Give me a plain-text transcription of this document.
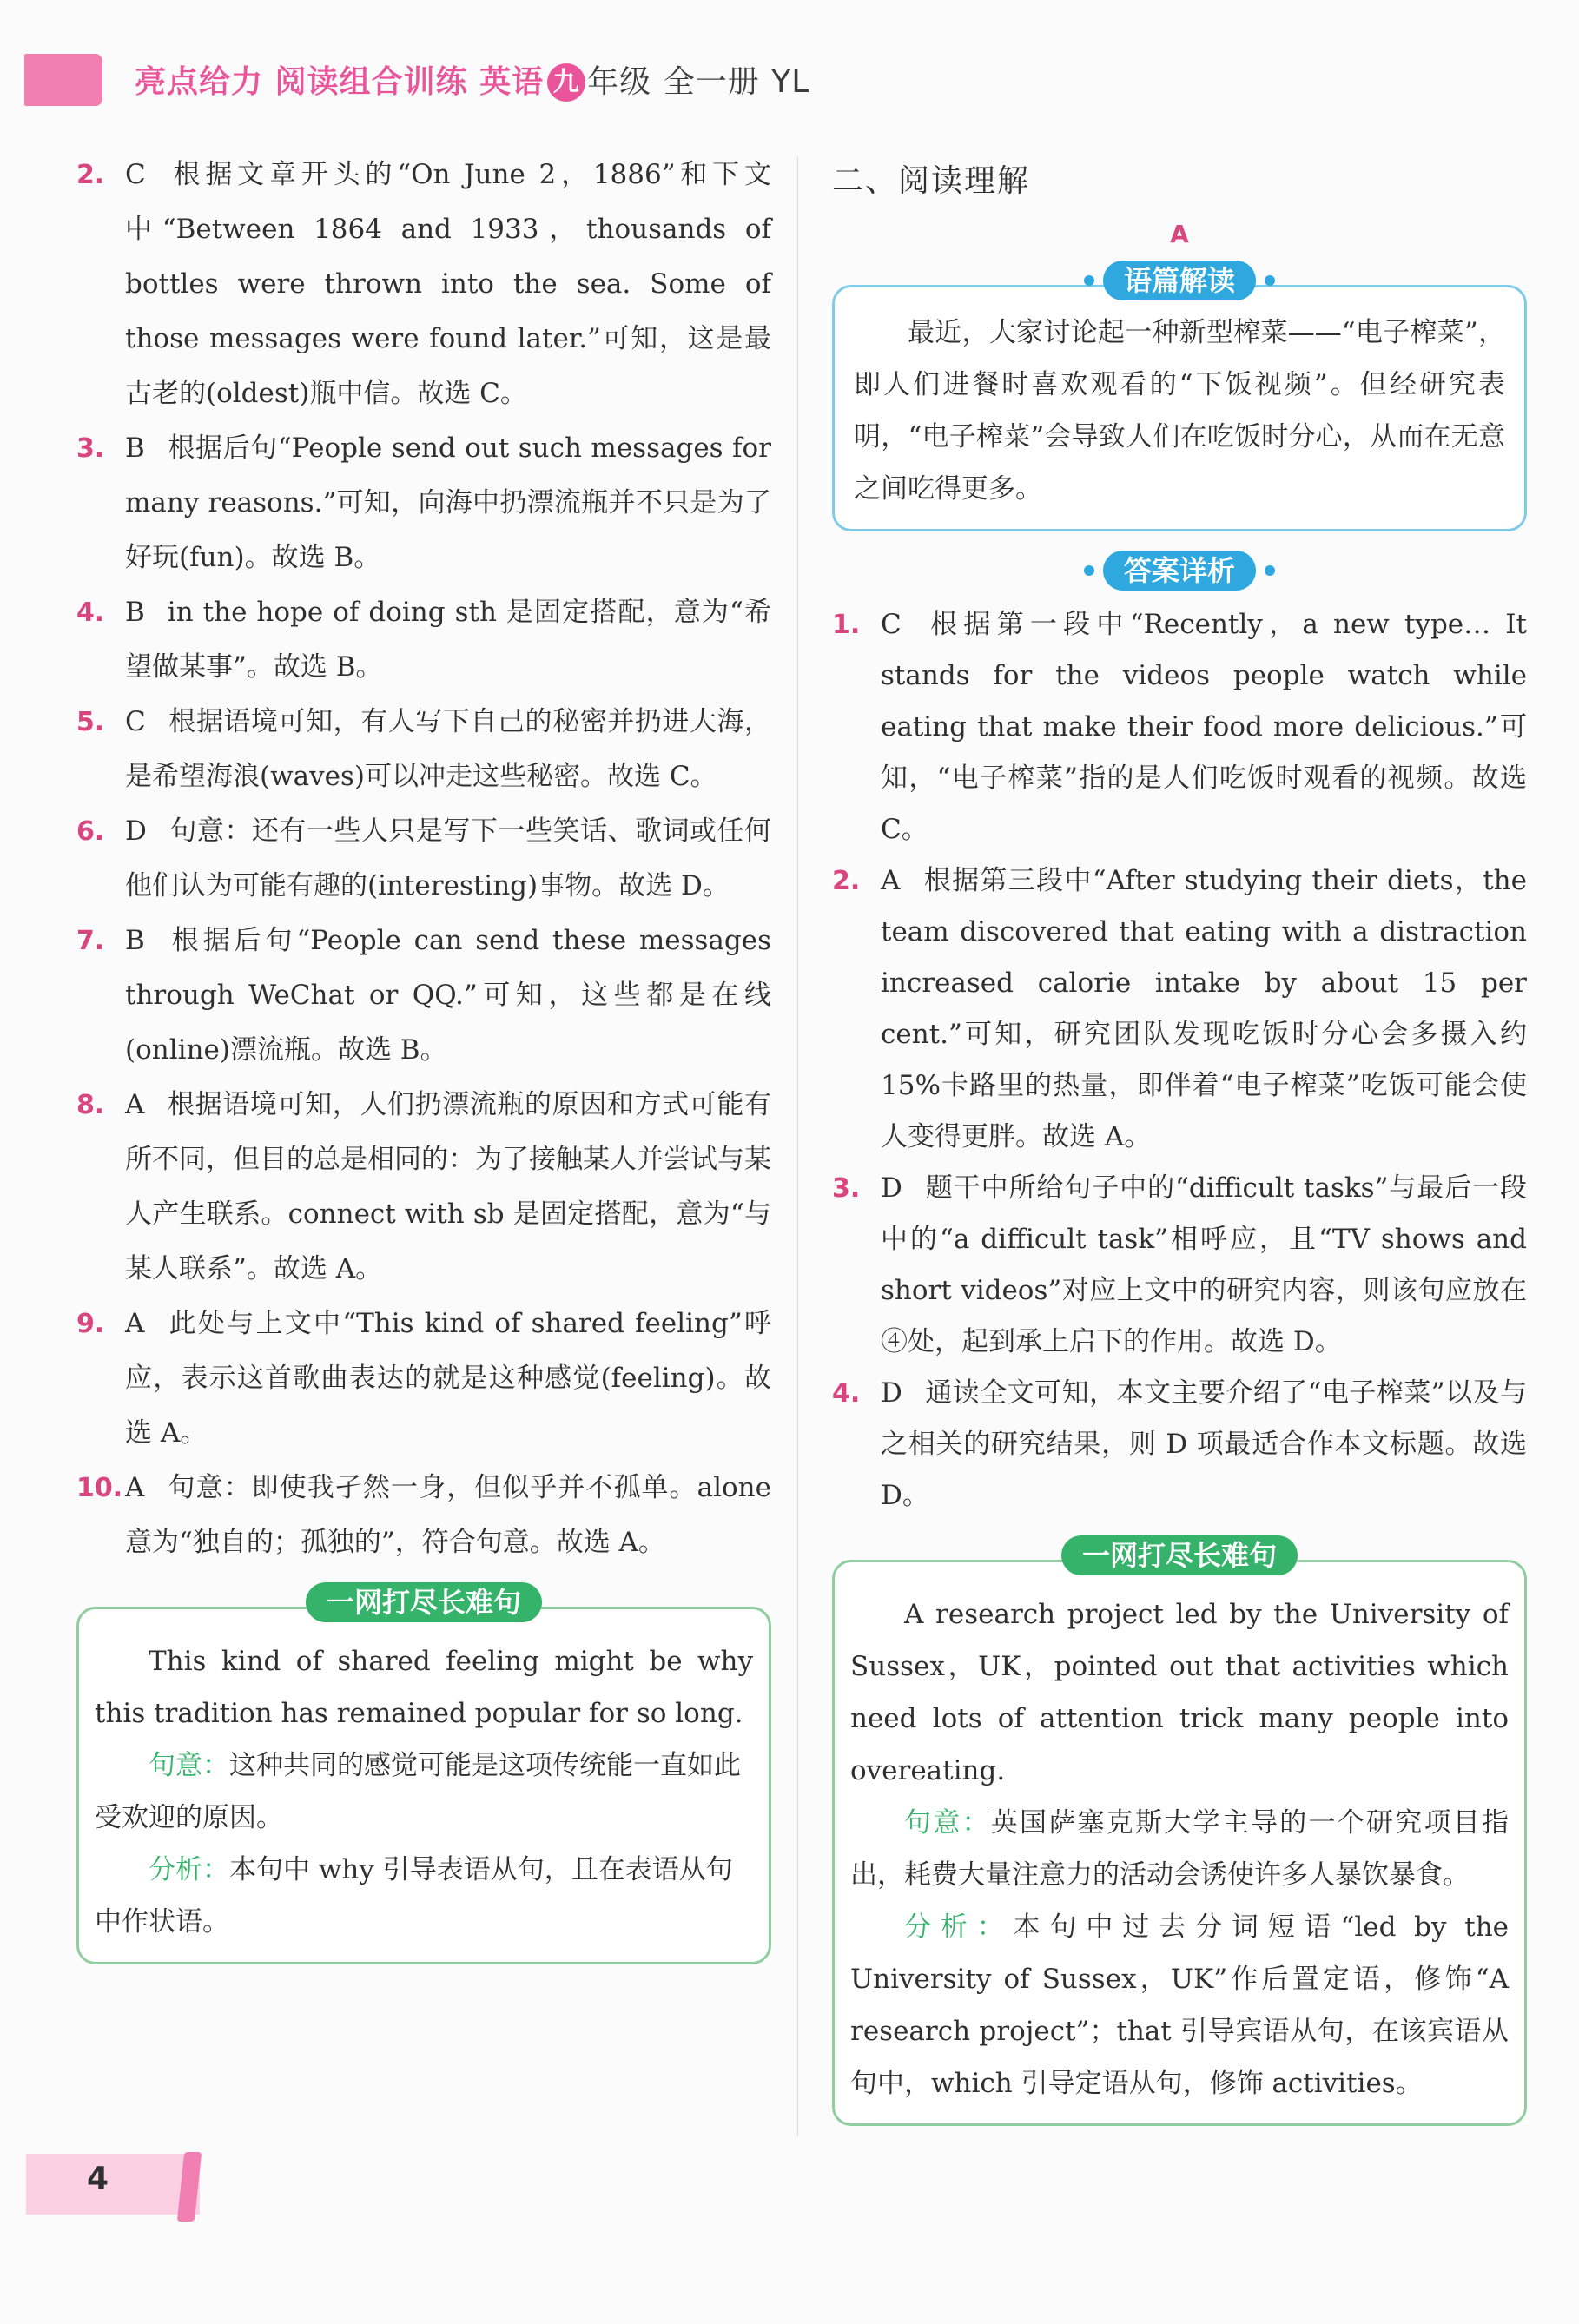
亮点给力 阅读组合训练 英语 九 年级 全一册 YL
2. C 根据文章开头的“On June 2，1886”和下文中“Between 1864 and 1933，thousands of bottles were thrown into the sea. Some of those messages were found later.”可知，这是最古老的(oldest)瓶中信。故选 C。
3. B 根据后句“People send out such messages for many reasons.”可知，向海中扔漂流瓶并不只是为了好玩(fun)。故选 B。
4. B in the hope of doing sth 是固定搭配，意为“希望做某事”。故选 B。
5. C 根据语境可知，有人写下自己的秘密并扔进大海，是希望海浪(waves)可以冲走这些秘密。故选 C。
6. D 句意：还有一些人只是写下一些笑话、歌词或任何他们认为可能有趣的(interesting)事物。故选 D。
7. B 根据后句“People can send these messages through WeChat or QQ.”可知，这些都是在线(online)漂流瓶。故选 B。
8. A 根据语境可知，人们扔漂流瓶的原因和方式可能有所不同，但目的总是相同的：为了接触某人并尝试与某人产生联系。connect with sb 是固定搭配，意为“与某人联系”。故选 A。
9. A 此处与上文中“This kind of shared feeling”呼应，表示这首歌曲表达的就是这种感觉(feeling)。故选 A。
10. A 句意：即使我孑然一身，但似乎并不孤单。alone 意为“独自的；孤独的”，符合句意。故选 A。
一网打尽长难句
This kind of shared feeling might be why this tradition has remained popular for so long.
句意：这种共同的感觉可能是这项传统能一直如此受欢迎的原因。
分析：本句中 why 引导表语从句，且在表语从句中作状语。
二、阅读理解
A
语篇解读
最近，大家讨论起一种新型榨菜——“电子榨菜”，即人们进餐时喜欢观看的“下饭视频”。但经研究表明，“电子榨菜”会导致人们在吃饭时分心，从而在无意之间吃得更多。
答案详析
1. C 根据第一段中“Recently，a new type… It stands for the videos people watch while eating that make their food more delicious.”可知，“电子榨菜”指的是人们吃饭时观看的视频。故选 C。
2. A 根据第三段中“After studying their diets，the team discovered that eating with a distraction increased calorie intake by about 15 per cent.”可知，研究团队发现吃饭时分心会多摄入约 15%卡路里的热量，即伴着“电子榨菜”吃饭可能会使人变得更胖。故选 A。
3. D 题干中所给句子中的“difficult tasks”与最后一段中的“a difficult task”相呼应，且“TV shows and short videos”对应上文中的研究内容，则该句应放在④处，起到承上启下的作用。故选 D。
4. D 通读全文可知，本文主要介绍了“电子榨菜”以及与之相关的研究结果，则 D 项最适合作本文标题。故选 D。
一网打尽长难句
A research project led by the University of Sussex，UK，pointed out that activities which need lots of attention trick many people into overeating.
句意：英国萨塞克斯大学主导的一个研究项目指出，耗费大量注意力的活动会诱使许多人暴饮暴食。
分析：本句中过去分词短语“led by the University of Sussex，UK”作后置定语，修饰“A research project”；that 引导宾语从句，在该宾语从句中，which 引导定语从句，修饰 activities。
4
